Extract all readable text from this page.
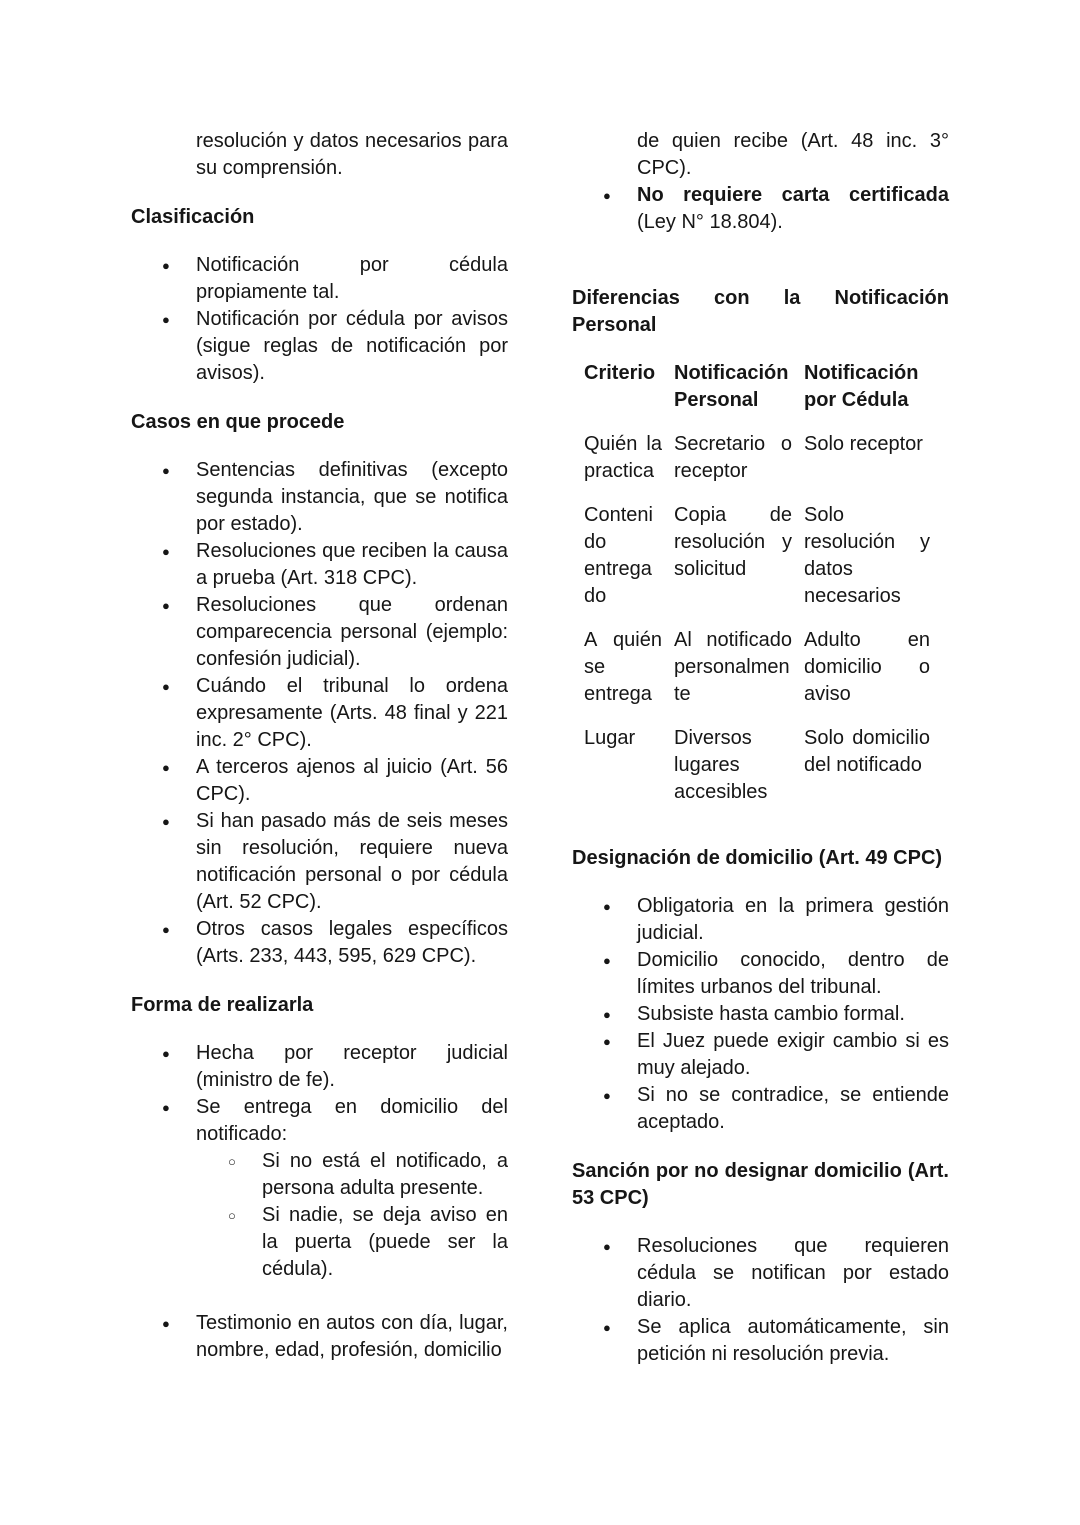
resolución y datos necesarios para su comprensión.

Clasificación
● Notificación por cédula propiamente tal.
● Notificación por cédula por avisos (sigue reglas de notificación por avisos).
Casos en que procede
● Sentencias definitivas (excepto segunda instancia, que se notifica por estado).
● Resoluciones que reciben la causa a prueba (Art. 318 CPC).
● Resoluciones que ordenan comparecencia personal (ejemplo: confesión judicial).
● Cuándo el tribunal lo ordena expresamente (Arts. 48 final y 221 inc. 2° CPC).
● A terceros ajenos al juicio (Art. 56 CPC).
● Si han pasado más de seis meses sin resolución, requiere nueva notificación personal o por cédula (Art. 52 CPC).
● Otros casos legales específicos (Arts. 233, 443, 595, 629 CPC).
Forma de realizarla
● Hecha por receptor judicial (ministro de fe).
● Se entrega en domicilio del notificado:
○ Si no está el notificado, a persona adulta presente.
○ Si nadie, se deja aviso en la puerta (puede ser la cédula).
● Testimonio en autos con día, lugar, nombre, edad, profesión, domicilio

de quien recibe (Art. 48 inc. 3° CPC).

● No requiere carta certificada (Ley N° 18.804).
Diferencias con la Notificación Personal
Criterio	Notificación Personal	Notificación por Cédula
Quién la practica	Secretario o receptor	Solo receptor
Contenido entregado	Copia de resolución y solicitud	Solo resolución y datos necesarios
A quién se entrega	Al notificado personalmente	Adulto en domicilio o aviso
Lugar	Diversos lugares accesibles	Solo domicilio del notificado
Designación de domicilio (Art. 49 CPC)
● Obligatoria en la primera gestión judicial.
● Domicilio conocido, dentro de límites urbanos del tribunal.
● Subsiste hasta cambio formal.
● El Juez puede exigir cambio si es muy alejado.
● Si no se contradice, se entiende aceptado.
Sanción por no designar domicilio (Art. 53 CPC)
● Resoluciones que requieren cédula se notifican por estado diario.
● Se aplica automáticamente, sin petición ni resolución previa.
